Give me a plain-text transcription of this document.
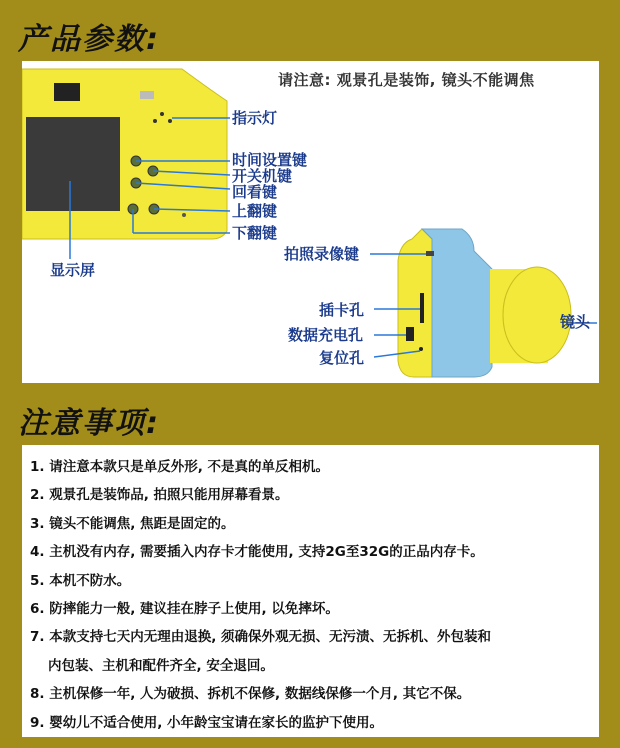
产品参数:
请注意: 观景孔是装饰, 镜头不能调焦
指示灯
时间设置键
开关机键
回看键
上翻键
下翻键
显示屏
拍照录像键
插卡孔
数据充电孔
复位孔
镜头
注意事项:
1. 请注意本款只是单反外形, 不是真的单反相机。
2. 观景孔是装饰品, 拍照只能用屏幕看景。
3. 镜头不能调焦, 焦距是固定的。
4. 主机没有内存, 需要插入内存卡才能使用, 支持2G至32G的正品内存卡。
5. 本机不防水。
6. 防摔能力一般, 建议挂在脖子上使用, 以免摔坏。
7. 本款支持七天内无理由退换, 须确保外观无损、无污渍、无拆机、外包装和
内包装、主机和配件齐全, 安全退回。
8. 主机保修一年, 人为破损、拆机不保修, 数据线保修一个月, 其它不保。
9. 婴幼儿不适合使用, 小年龄宝宝请在家长的监护下使用。
